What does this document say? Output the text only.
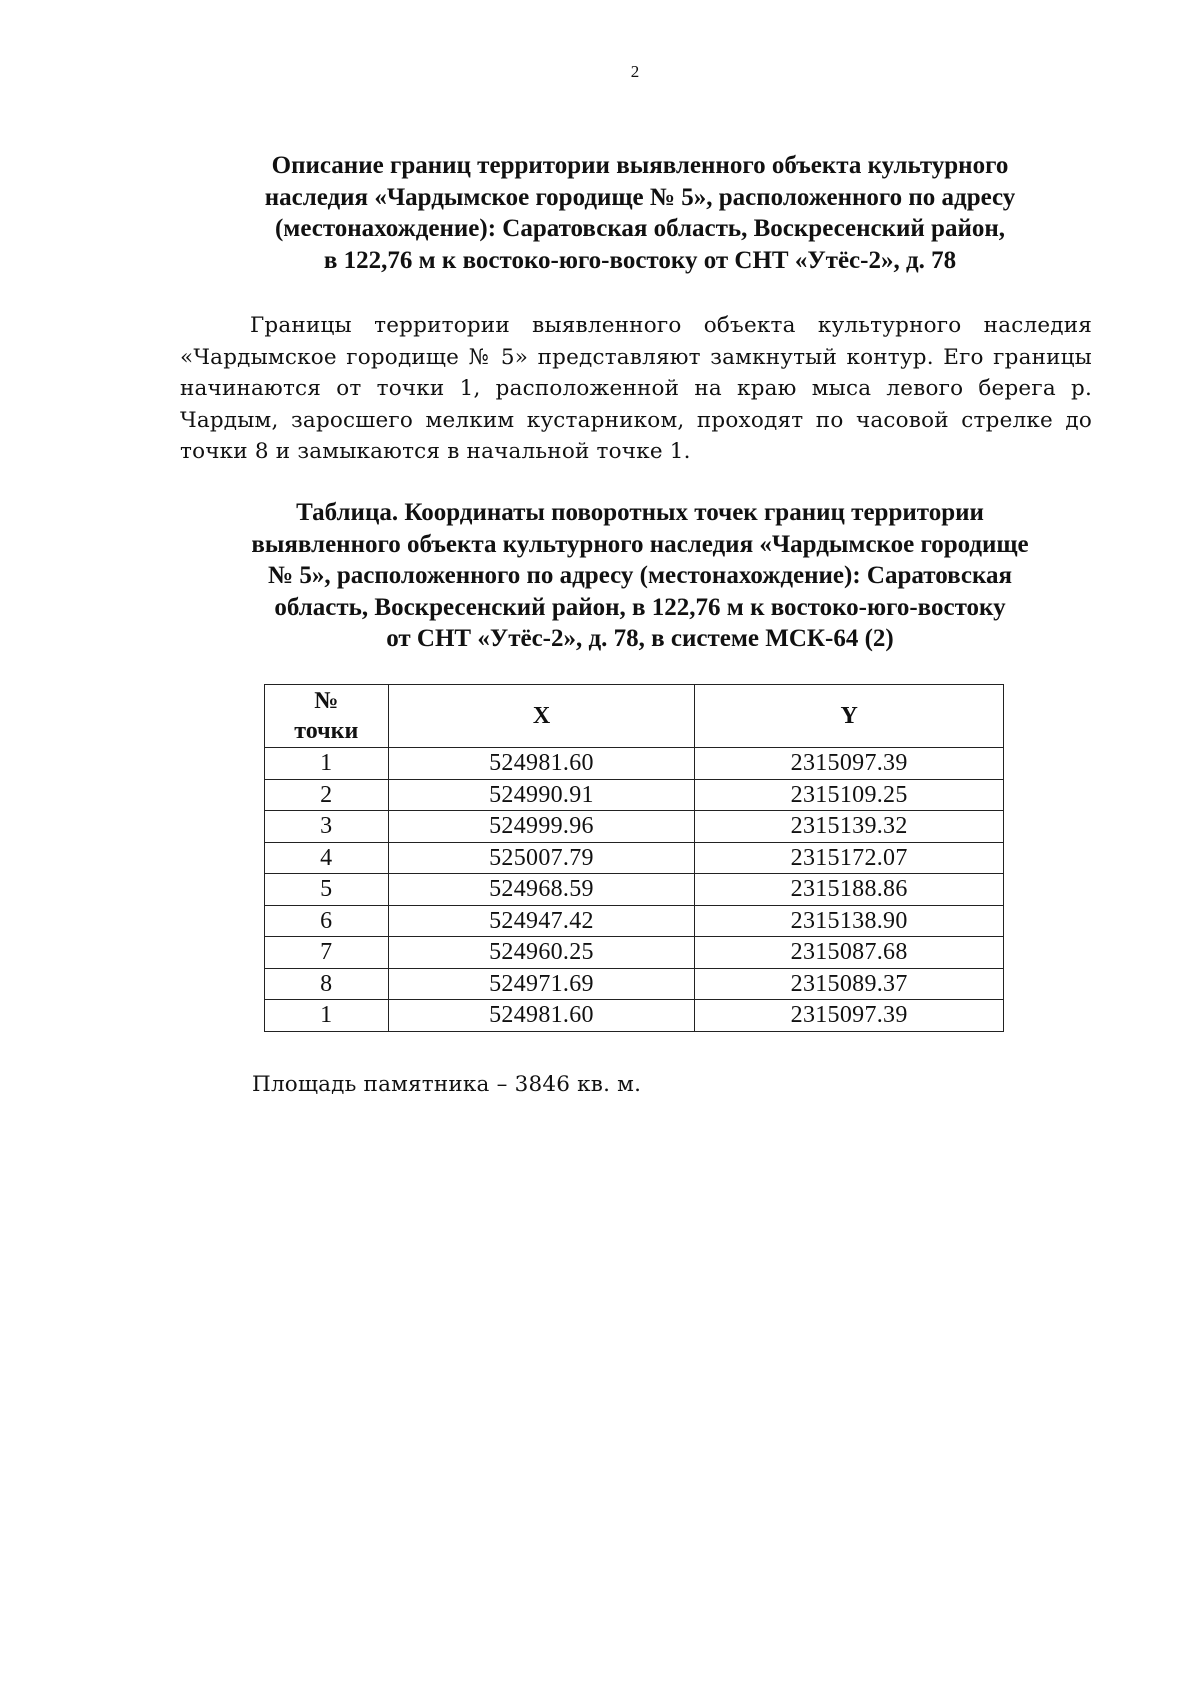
2
Описание границ территории выявленного объекта культурного
наследия «Чардымское городище № 5», расположенного по адресу
(местонахождение): Саратовская область, Воскресенский район,
в 122,76 м к востоко-юго-востоку от СНТ «Утёс-2», д. 78

Границы территории выявленного объекта культурного наследия «Чардымское городище № 5» представляют замкнутый контур. Его границы начинаются от точки 1, расположенной на краю мыса левого берега р. Чардым, заросшего мелким кустарником, проходят по часовой стрелке до точки 8 и замыкаются в начальной точке 1.

Таблица. Координаты поворотных точек границ территории
выявленного объекта культурного наследия «Чардымское городище
№ 5», расположенного по адресу (местонахождение): Саратовская
область, Воскресенский район, в 122,76 м к востоко-юго-востоку
от СНТ «Утёс-2», д. 78, в системе МСК-64 (2)
№
точки	X	Y
1	524981.60	2315097.39
2	524990.91	2315109.25
3	524999.96	2315139.32
4	525007.79	2315172.07
5	524968.59	2315188.86
6	524947.42	2315138.90
7	524960.25	2315087.68
8	524971.69	2315089.37
1	524981.60	2315097.39

Площадь памятника – 3846 кв. м.
